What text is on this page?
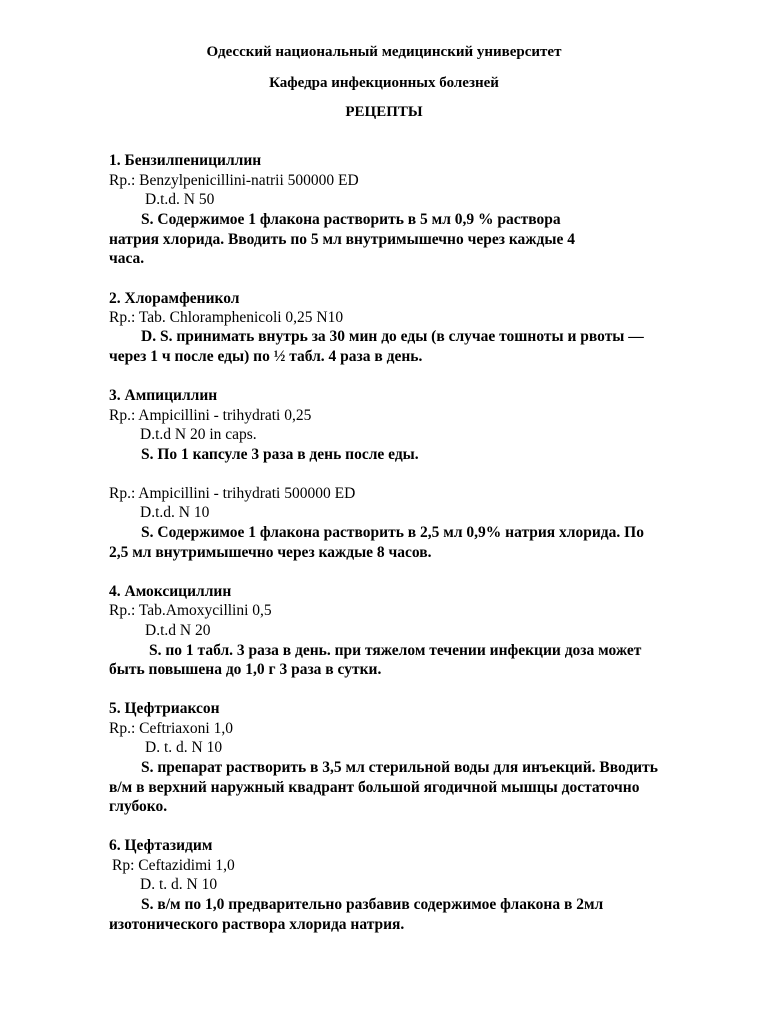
Одесский национальный медицинский университет
Кафедра инфекционных болезней
РЕЦЕПТЫ
1. Бензилпенициллин
Rp.: Benzylpenicillini-natrii 500000 ED
D.t.d. N 50
S. Содержимое 1 флакона растворить в 5 мл 0,9 % раствора
натрия хлорида. Вводить по 5 мл внутримышечно через каждые 4
часа.
2. Хлорамфеникол
Rp.: Tab. Chloramphenicoli 0,25 N10
D. S. принимать внутрь за 30 мин до еды (в случае тошноты и рвоты —
через 1 ч после еды) по ½ табл. 4 раза в день.
3. Ампициллин
Rp.: Ampicillini - trihydrati 0,25
D.t.d N 20 in caps.
S. По 1 капсуле 3 раза в день после еды.
Rp.: Ampicillini - trihydrati 500000 ED
D.t.d. N 10
S. Содержимое 1 флакона растворить в 2,5 мл 0,9% натрия хлорида. По
2,5 мл внутримышечно через каждые 8 часов.
4. Амоксициллин
Rp.: Tab.Amoxycillini 0,5
D.t.d N 20
S. по 1 табл. 3 раза в день. при тяжелом течении инфекции доза может
быть повышена до 1,0 г 3 раза в сутки.
5. Цефтриаксон
Rp.: Ceftriaxoni 1,0
D. t. d. N 10
S. препарат растворить в 3,5 мл стерильной воды для инъекций. Вводить
в/м в верхний наружный квадрант большой ягодичной мышцы достаточно
глубоко.
6. Цефтазидим
Rp: Ceftazidimi 1,0
D. t. d. N 10
S. в/м по 1,0 предварительно разбавив содержимое флакона в 2мл
изотонического раствора хлорида натрия.
